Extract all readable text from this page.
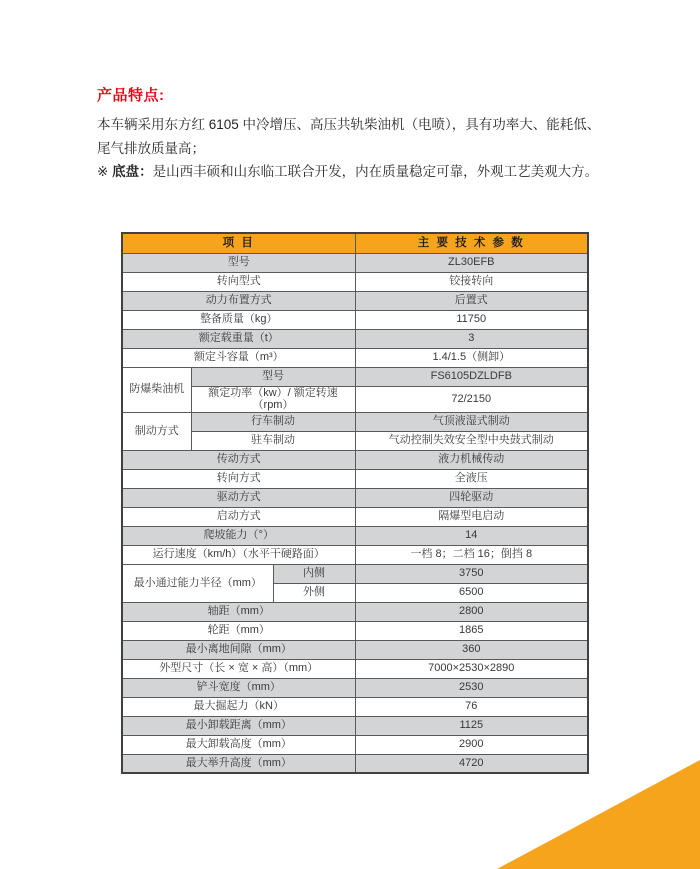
产品特点:

本车辆采用东方红 6105 中冷增压、高压共轨柴油机（电喷），具有功率大、能耗低、
尾气排放质量高；

※ 底盘：是山西丰硕和山东临工联合开发，内在质量稳定可靠，外观工艺美观大方。

项 目			主 要 技 术 参 数
型号			ZL30EFB
转向型式			铰接转向
动力布置方式			后置式
整备质量（kg）			11750
额定载重量（t）			3
额定斗容量（m³）			1.4/1.5（侧卸）
防爆柴油机	型号		FS6105DZLDFB
	额定功率（kw）/ 额定转速（rpm）		72/2150
制动方式	行车制动		气顶液湿式制动
	驻车制动		气动控制失效安全型中央鼓式制动
传动方式			液力机械传动
转向方式			全液压
驱动方式			四轮驱动
启动方式			隔爆型电启动
爬坡能力（°）			14
运行速度（km/h）（水平干硬路面）			一档 8；二档 16；倒挡 8
最小通过能力半径（mm）		内侧	3750
		外侧	6500
轴距（mm）			2800
轮距（mm）			1865
最小离地间隙（mm）			360
外型尺寸（长 × 宽 × 高）（mm）			7000×2530×2890
铲斗宽度（mm）			2530
最大掘起力（kN）			76
最小卸载距离（mm）			1125
最大卸载高度（mm）			2900
最大举升高度（mm）			4720
